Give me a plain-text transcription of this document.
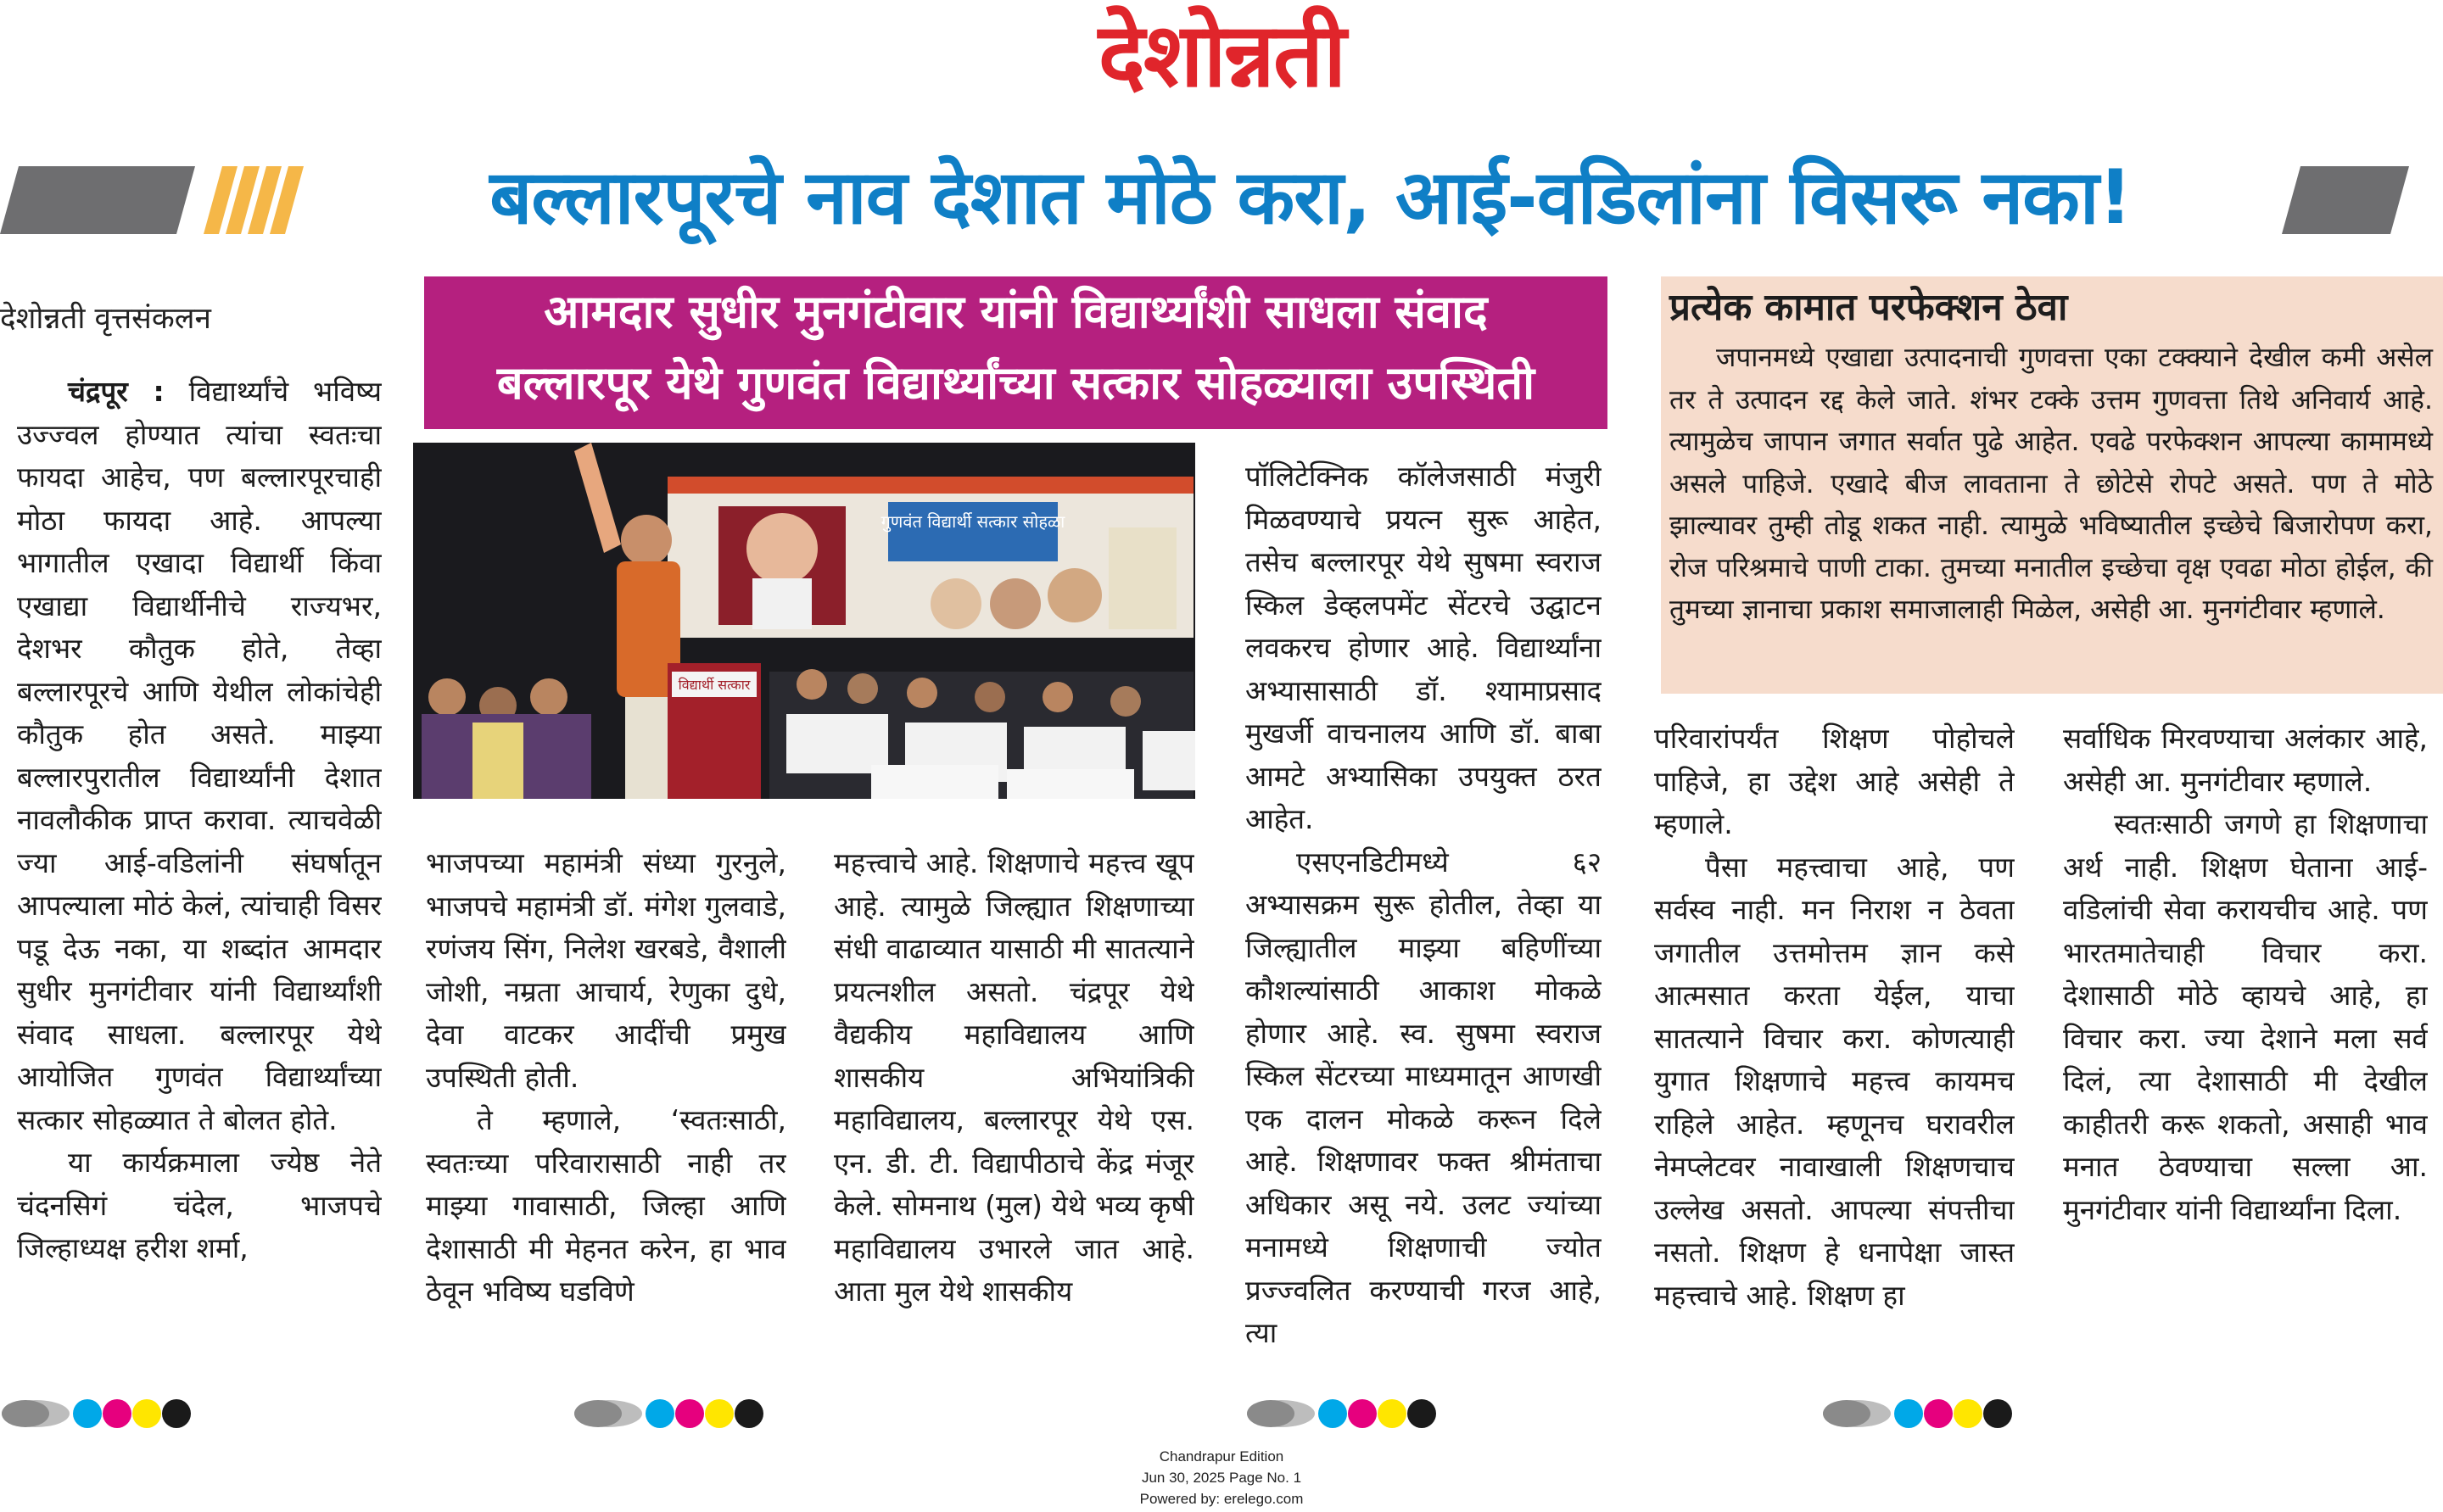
देशोन्नती
बल्लारपूरचे नाव देशात मोठे करा, आई-वडिलांना विसरू नका!
देशोन्नती वृत्तसंकलन	आमदार सुधीर मुनगंटीवार यांनी विद्यार्थ्यांशी साधला संवाद
बल्लारपूर येथे गुणवंत विद्यार्थ्यांच्या सत्कार सोहळ्याला उपस्थिती
गुणवंत विद्यार्थी सत्कार सोहळा
विद्यार्थी सत्कार
प्रत्येक कामात परफेक्शन ठेवा
जपानमध्ये एखाद्या उत्पादनाची गुणवत्ता एका टक्क्याने देखील कमी असेल तर ते उत्पादन रद्द केले जाते. शंभर टक्के उत्तम गुणवत्ता तिथे अनिवार्य आहे. त्यामुळेच जापान जगात सर्वात पुढे आहेत. एवढे परफेक्शन आपल्या कामामध्ये असले पाहिजे. एखादे बीज लावताना ते छोटेसे रोपटे असते. पण ते मोठे झाल्यावर तुम्ही तोडू शकत नाही. त्यामुळे भविष्यातील इच्छेचे बिजारोपण करा, रोज परिश्रमाचे पाणी टाका. तुमच्या मनातील इच्छेचा वृक्ष एवढा मोठा होईल, की तुमच्या ज्ञानाचा प्रकाश समाजालाही मिळेल, असेही आ. मुनगंटीवार म्हणाले.

चंद्रपूर : विद्यार्थ्यांचे भविष्य उज्ज्वल होण्यात त्यांचा स्वतःचा फायदा आहेच, पण बल्लारपूरचाही मोठा फायदा आहे. आपल्या भागातील एखादा विद्यार्थी किंवा एखाद्या विद्यार्थीनीचे राज्यभर, देशभर कौतुक होते, तेव्हा बल्लारपूरचे आणि येथील लोकांचेही कौतुक होत असते. माझ्या बल्लारपुरातील विद्यार्थ्यांनी देशात नावलौकीक प्राप्त करावा. त्याचवेळी ज्या आई-वडिलांनी संघर्षातून आपल्याला मोठं केलं, त्यांचाही विसर पडू देऊ नका, या शब्दांत आमदार सुधीर मुनगंटीवार यांनी विद्यार्थ्यांशी संवाद साधला. बल्लारपूर येथे आयोजित गुणवंत विद्यार्थ्यांच्या सत्कार सोहळ्यात ते बोलत होते.

या कार्यक्रमाला ज्येष्ठ नेते चंदनसिगं चंदेल, भाजपचे जिल्हाध्यक्ष हरीश शर्मा,

भाजपच्या महामंत्री संध्या गुरनुले, भाजपचे महामंत्री डॉ. मंगेश गुलवाडे, रणंजय सिंग, निलेश खरबडे, वैशाली जोशी, नम्रता आचार्य, रेणुका दुधे, देवा वाटकर आदींची प्रमुख उपस्थिती होती.

ते म्हणाले, ‘स्वतःसाठी, स्वतःच्या परिवारासाठी नाही तर माझ्या गावासाठी, जिल्हा आणि देशासाठी मी मेहनत करेन, हा भाव ठेवून भविष्य घडविणे

महत्त्वाचे आहे. शिक्षणाचे महत्त्व खूप आहे. त्यामुळे जिल्ह्यात शिक्षणाच्या संधी वाढाव्यात यासाठी मी सातत्याने प्रयत्नशील असतो. चंद्रपूर येथे वैद्यकीय महाविद्यालय आणि शासकीय अभियांत्रिकी महाविद्यालय, बल्लारपूर येथे एस. एन. डी. टी. विद्यापीठाचे केंद्र मंजूर केले. सोमनाथ (मुल) येथे भव्य कृषी महाविद्यालय उभारले जात आहे. आता मुल येथे शासकीय

पॉलिटेक्निक कॉलेजसाठी मंजुरी मिळवण्याचे प्रयत्न सुरू आहेत, तसेच बल्लारपूर येथे सुषमा स्वराज स्किल डेव्हलपमेंट सेंटरचे उद्घाटन लवकरच होणार आहे. विद्यार्थ्यांना अभ्यासासाठी डॉ. श्यामाप्रसाद मुखर्जी वाचनालय आणि डॉ. बाबा आमटे अभ्यासिका उपयुक्त ठरत आहेत.

एसएनडिटीमध्ये ६२ अभ्यासक्रम सुरू होतील, तेव्हा या जिल्ह्यातील माझ्या बहिणींच्या कौशल्यांसाठी आकाश मोकळे होणार आहे. स्व. सुषमा स्वराज स्किल सेंटरच्या माध्यमातून आणखी एक दालन मोकळे करून दिले आहे. शिक्षणावर फक्त श्रीमंताचा अधिकार असू नये. उलट ज्यांच्या मनामध्ये शिक्षणाची ज्योत प्रज्ज्वलित करण्याची गरज आहे, त्या

परिवारांपर्यंत शिक्षण पोहोचले पाहिजे, हा उद्देश आहे असेही ते म्हणाले.

पैसा महत्त्वाचा आहे, पण सर्वस्व नाही. मन निराश न ठेवता जगातील उत्तमोत्तम ज्ञान कसे आत्मसात करता येईल, याचा सातत्याने विचार करा. कोणत्याही युगात शिक्षणाचे महत्त्व कायमच राहिले आहेत. म्हणूनच घरावरील नेमप्लेटवर नावाखाली शिक्षणचाच उल्लेख असतो. आपल्या संपत्तीचा नसतो. शिक्षण हे धनापेक्षा जास्त महत्त्वाचे आहे. शिक्षण हा

सर्वाधिक मिरवण्याचा अलंकार आहे, असेही आ. मुनगंटीवार म्हणाले.

स्वतःसाठी जगणे हा शिक्षणाचा अर्थ नाही. शिक्षण घेताना आई-वडिलांची सेवा करायचीच आहे. पण भारतमातेचाही विचार करा. देशासाठी मोठे व्हायचे आहे, हा विचार करा. ज्या देशाने मला सर्व दिलं, त्या देशासाठी मी देखील काहीतरी करू शकतो, असाही भाव मनात ठेवण्याचा सल्ला आ. मुनगंटीवार यांनी विद्यार्थ्यांना दिला.

Chandrapur Edition
Jun 30, 2025 Page No. 1
Powered by: erelego.com
